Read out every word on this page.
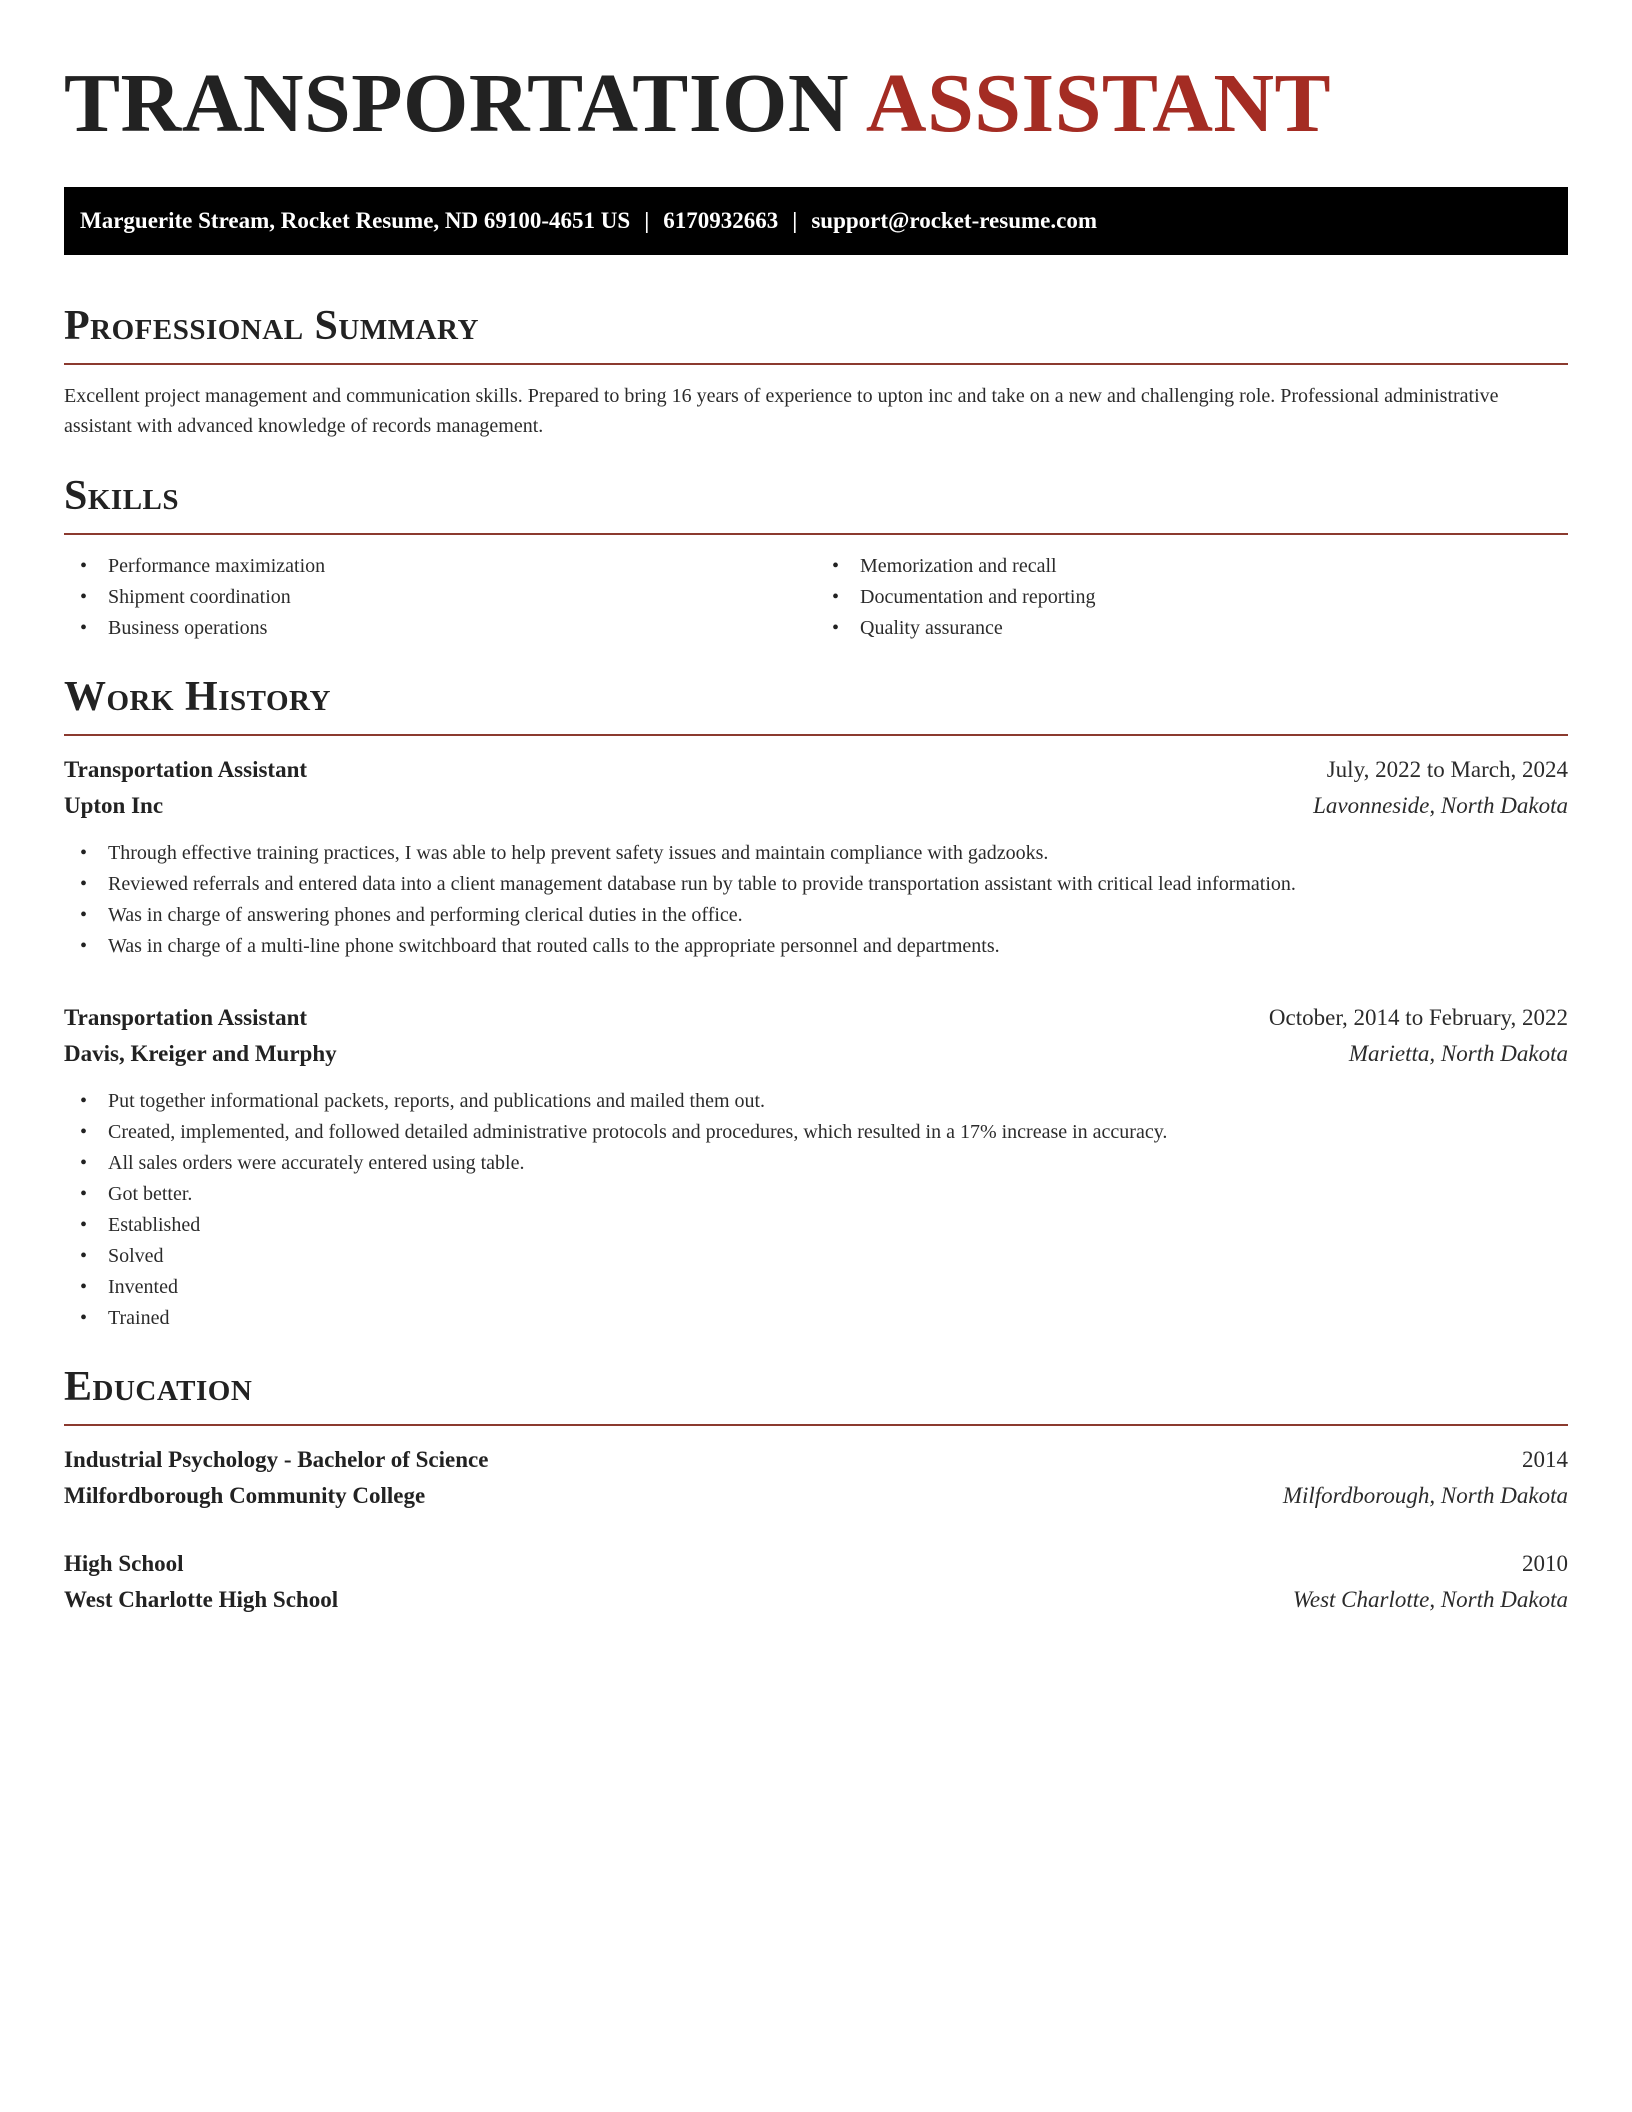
TRANSPORTATION ASSISTANT
Marguerite Stream, Rocket Resume, ND 69100-4651 US | 6170932663 | support@rocket-resume.com
Professional Summary

Excellent project management and communication skills. Prepared to bring 16 years of experience to upton inc and take on a new and challenging role. Professional administrative assistant with advanced knowledge of records management.

Skills
• Performance maximization
• Shipment coordination
• Business operations
• Memorization and recall
• Documentation and reporting
• Quality assurance
Work History
Transportation Assistant	July, 2022 to March, 2024
Upton Inc	Lavonneside, North Dakota
• Through effective training practices, I was able to help prevent safety issues and maintain compliance with gadzooks.
• Reviewed referrals and entered data into a client management database run by table to provide transportation assistant with critical lead information.
• Was in charge of answering phones and performing clerical duties in the office.
• Was in charge of a multi-line phone switchboard that routed calls to the appropriate personnel and departments.
Transportation Assistant	October, 2014 to February, 2022
Davis, Kreiger and Murphy	Marietta, North Dakota
• Put together informational packets, reports, and publications and mailed them out.
• Created, implemented, and followed detailed administrative protocols and procedures, which resulted in a 17% increase in accuracy.
• All sales orders were accurately entered using table.
• Got better.
• Established
• Solved
• Invented
• Trained
Education
Industrial Psychology - Bachelor of Science	2014
Milfordborough Community College	Milfordborough, North Dakota
High School	2010
West Charlotte High School	West Charlotte, North Dakota
